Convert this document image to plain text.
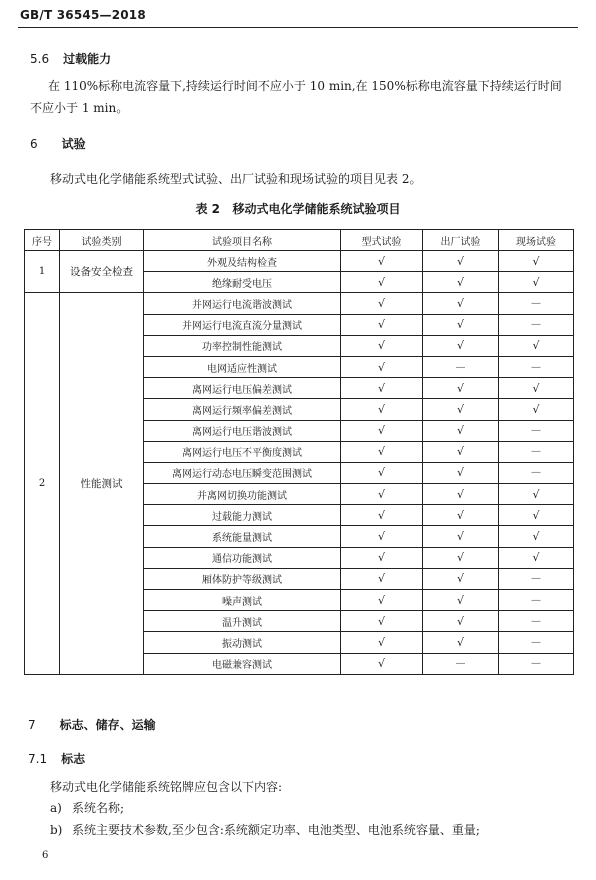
GB/T 36545—2018
5.6 过载能力
在 110%标称电流容量下,持续运行时间不应小于 10 min,在 150%标称电流容量下持续运行时间
不应小于 1 min。
6 试验
移动式电化学储能系统型式试验、出厂试验和现场试验的项目见表 2。
表 2   移动式电化学储能系统试验项目
序号	试验类别	试验项目名称	型式试验	出厂试验	现场试验
1	设备安全检查	外观及结构检查	√	√	√
		绝缘耐受电压	√	√	√
2	性能测试	并网运行电流谐波测试	√	√	—
		并网运行电流直流分量测试	√	√	—
		功率控制性能测试	√	√	√
		电网适应性测试	√	—	—
		离网运行电压偏差测试	√	√	√
		离网运行频率偏差测试	√	√	√
		离网运行电压谐波测试	√	√	—
		离网运行电压不平衡度测试	√	√	—
		离网运行动态电压瞬变范围测试	√	√	—
		并离网切换功能测试	√	√	√
		过载能力测试	√	√	√
		系统能量测试	√	√	√
		通信功能测试	√	√	√
		厢体防护等级测试	√	√	—
		噪声测试	√	√	—
		温升测试	√	√	—
		振动测试	√	√	—
		电磁兼容测试	√	—	—
7 标志、储存、运输
7.1 标志
移动式电化学储能系统铭牌应包含以下内容:
a) 系统名称;
b) 系统主要技术参数,至少包含:系统额定功率、电池类型、电池系统容量、重量;
6
